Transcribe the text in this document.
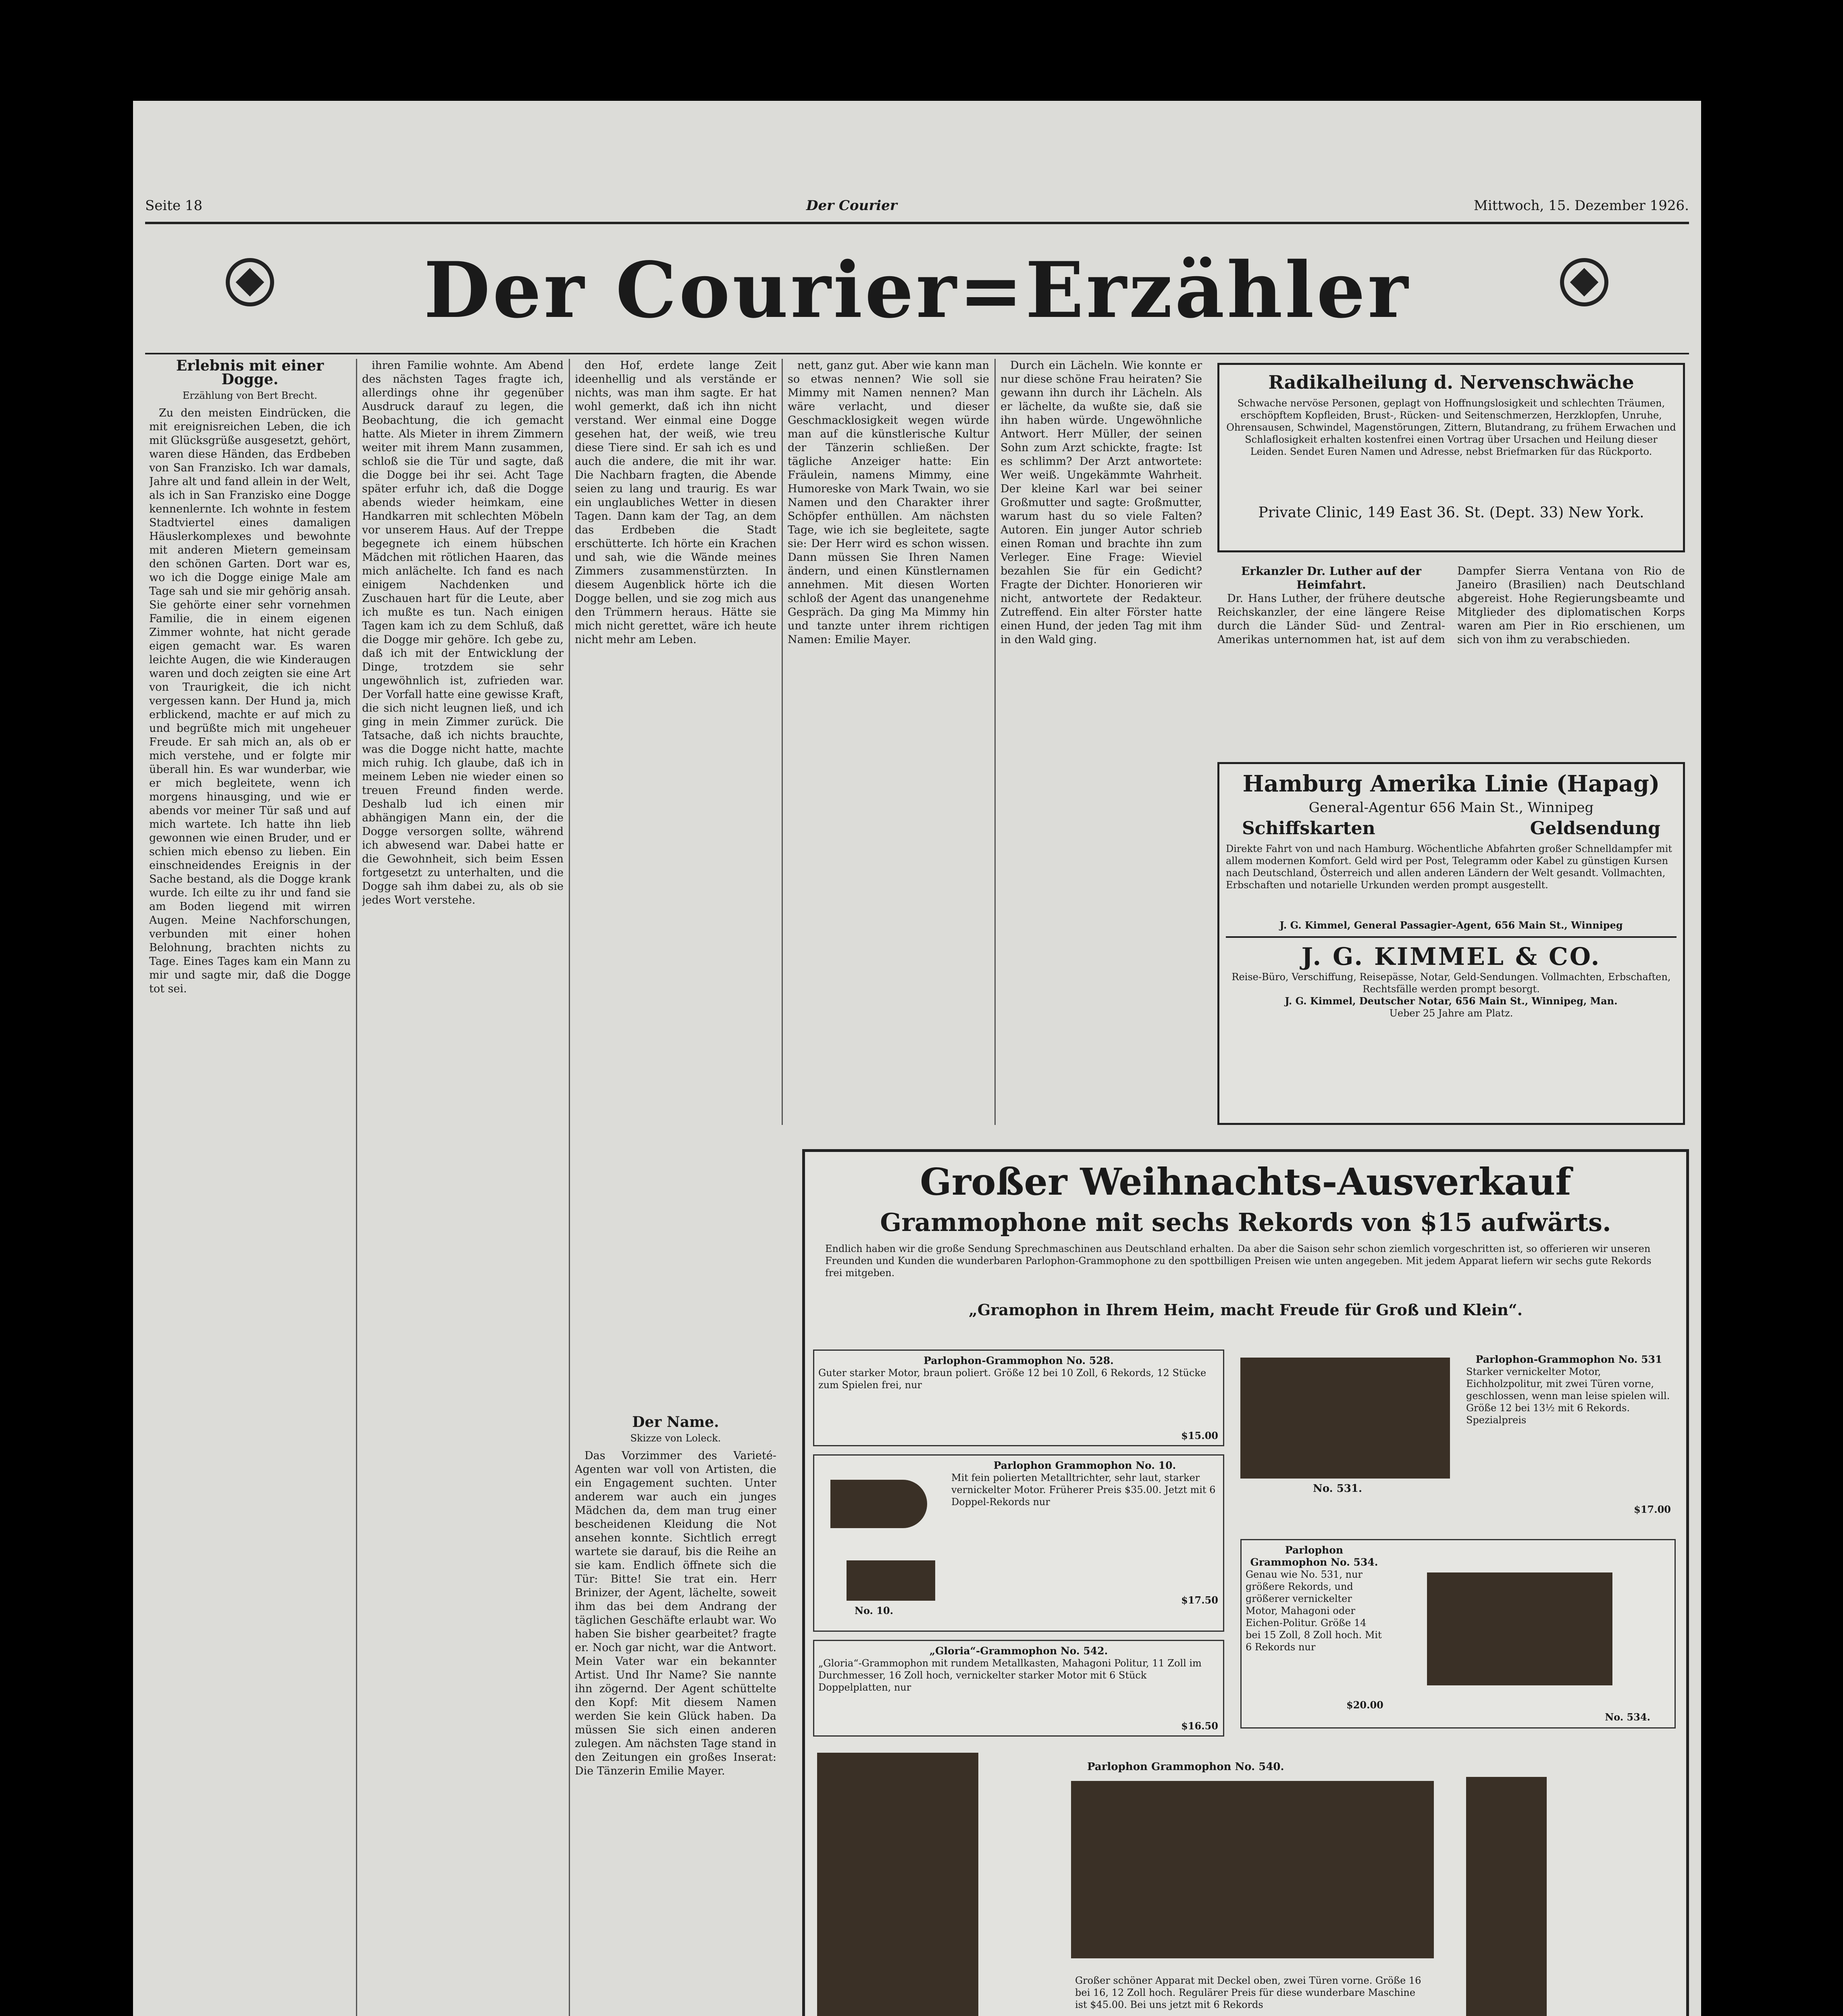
Seite 18	Der Courier	Mittwoch, 15. Dezember 1926.
Der Courier=Erzähler
Erlebnis mit einer Dogge.
Erzählung von Bert Brecht.

Zu den meisten Eindrücken, die mit ereignisreichen Leben, die ich mit Glücksgrüße ausgesetzt, gehört, waren diese Händen, das Erdbeben von San Franzisko. Ich war damals, Jahre alt und fand allein in der Welt, als ich in San Franzisko eine Dogge kennenlernte. Ich wohnte in festem Stadtviertel eines damaligen Häuslerkomplexes und bewohnte mit anderen Mietern gemeinsam den schönen Garten. Dort war es, wo ich die Dogge einige Male am Tage sah und sie mir gehörig ansah. Sie gehörte einer sehr vornehmen Familie, die in einem eigenen Zimmer wohnte, hat nicht gerade eigen gemacht war. Es waren leichte Augen, die wie Kinderaugen waren und doch zeigten sie eine Art von Traurigkeit, die ich nicht vergessen kann. Der Hund ja, mich erblickend, machte er auf mich zu und begrüßte mich mit ungeheuer Freude. Er sah mich an, als ob er mich verstehe, und er folgte mir überall hin. Es war wunderbar, wie er mich begleitete, wenn ich morgens hinausging, und wie er abends vor meiner Tür saß und auf mich wartete. Ich hatte ihn lieb gewonnen wie einen Bruder, und er schien mich ebenso zu lieben. Ein einschneidendes Ereignis in der Sache bestand, als die Dogge krank wurde. Ich eilte zu ihr und fand sie am Boden liegend mit wirren Augen. Meine Nachforschungen, verbunden mit einer hohen Belohnung, brachten nichts zu Tage. Eines Tages kam ein Mann zu mir und sagte mir, daß die Dogge tot sei.

ihren Familie wohnte. Am Abend des nächsten Tages fragte ich, allerdings ohne ihr gegenüber Ausdruck darauf zu legen, die Beobachtung, die ich gemacht hatte. Als Mieter in ihrem Zimmern weiter mit ihrem Mann zusammen, schloß sie die Tür und sagte, daß die Dogge bei ihr sei. Acht Tage später erfuhr ich, daß die Dogge abends wieder heimkam, eine Handkarren mit schlechten Möbeln vor unserem Haus. Auf der Treppe begegnete ich einem hübschen Mädchen mit rötlichen Haaren, das mich anlächelte. Ich fand es nach einigem Nachdenken und Zuschauen hart für die Leute, aber ich mußte es tun. Nach einigen Tagen kam ich zu dem Schluß, daß die Dogge mir gehöre. Ich gebe zu, daß ich mit der Entwicklung der Dinge, trotzdem sie sehr ungewöhnlich ist, zufrieden war. Der Vorfall hatte eine gewisse Kraft, die sich nicht leugnen ließ, und ich ging in mein Zimmer zurück. Die Tatsache, daß ich nichts brauchte, was die Dogge nicht hatte, machte mich ruhig. Ich glaube, daß ich in meinem Leben nie wieder einen so treuen Freund finden werde. Deshalb lud ich einen mir abhängigen Mann ein, der die Dogge versorgen sollte, während ich abwesend war. Dabei hatte er die Gewohnheit, sich beim Essen fortgesetzt zu unterhalten, und die Dogge sah ihm dabei zu, als ob sie jedes Wort verstehe.

den Hof, erdete lange Zeit ideenhellig und als verstände er nichts, was man ihm sagte. Er hat wohl gemerkt, daß ich ihn nicht verstand. Wer einmal eine Dogge gesehen hat, der weiß, wie treu diese Tiere sind. Er sah ich es und auch die andere, die mit ihr war. Die Nachbarn fragten, die Abende seien zu lang und traurig. Es war ein unglaubliches Wetter in diesen Tagen. Dann kam der Tag, an dem das Erdbeben die Stadt erschütterte. Ich hörte ein Krachen und sah, wie die Wände meines Zimmers zusammenstürzten. In diesem Augenblick hörte ich die Dogge bellen, und sie zog mich aus den Trümmern heraus. Hätte sie mich nicht gerettet, wäre ich heute nicht mehr am Leben.

Der Name.
Skizze von Loleck.

Das Vorzimmer des Varieté-Agenten war voll von Artisten, die ein Engagement suchten. Unter anderem war auch ein junges Mädchen da, dem man trug einer bescheidenen Kleidung die Not ansehen konnte. Sichtlich erregt wartete sie darauf, bis die Reihe an sie kam. Endlich öffnete sich die Tür: Bitte! Sie trat ein. Herr Brinizer, der Agent, lächelte, soweit ihm das bei dem Andrang der täglichen Geschäfte erlaubt war. Wo haben Sie bisher gearbeitet? fragte er. Noch gar nicht, war die Antwort. Mein Vater war ein bekannter Artist. Und Ihr Name? Sie nannte ihn zögernd. Der Agent schüttelte den Kopf: Mit diesem Namen werden Sie kein Glück haben. Da müssen Sie sich einen anderen zulegen. Am nächsten Tage stand in den Zeitungen ein großes Inserat: Die Tänzerin Emilie Mayer.

nett, ganz gut. Aber wie kann man so etwas nennen? Wie soll sie Mimmy mit Namen nennen? Man wäre verlacht, und dieser Geschmacklosigkeit wegen würde man auf die künstlerische Kultur der Tänzerin schließen. Der tägliche Anzeiger hatte: Ein Fräulein, namens Mimmy, eine Humoreske von Mark Twain, wo sie Namen und den Charakter ihrer Schöpfer enthüllen. Am nächsten Tage, wie ich sie begleitete, sagte sie: Der Herr wird es schon wissen. Dann müssen Sie Ihren Namen ändern, und einen Künstlernamen annehmen. Mit diesen Worten schloß der Agent das unangenehme Gespräch. Da ging Ma Mimmy hin und tanzte unter ihrem richtigen Namen: Emilie Mayer.

Durch ein Lächeln. Wie konnte er nur diese schöne Frau heiraten? Sie gewann ihn durch ihr Lächeln. Als er lächelte, da wußte sie, daß sie ihn haben würde. Ungewöhnliche Antwort. Herr Müller, der seinen Sohn zum Arzt schickte, fragte: Ist es schlimm? Der Arzt antwortete: Wer weiß. Ungekämmte Wahrheit. Der kleine Karl war bei seiner Großmutter und sagte: Großmutter, warum hast du so viele Falten? Autoren. Ein junger Autor schrieb einen Roman und brachte ihn zum Verleger. Eine Frage: Wieviel bezahlen Sie für ein Gedicht? Fragte der Dichter. Honorieren wir nicht, antwortete der Redakteur. Zutreffend. Ein alter Förster hatte einen Hund, der jeden Tag mit ihm in den Wald ging.

Radikalheilung d. Nervenschwäche
Schwache nervöse Personen, geplagt von Hoffnungslosigkeit und schlechten Träumen, erschöpftem Kopfleiden, Brust-, Rücken- und Seitenschmerzen, Herzklopfen, Unruhe, Ohrensausen, Schwindel, Magenstörungen, Zittern, Blutandrang, zu frühem Erwachen und Schlaflosigkeit erhalten kostenfrei einen Vortrag über Ursachen und Heilung dieser Leiden. Sendet Euren Namen und Adresse, nebst Briefmarken für das Rückporto.
Private Clinic, 149 East 36. St. (Dept. 33) New York.
Erkanzler Dr. Luther auf der Heimfahrt.

Dr. Hans Luther, der frühere deutsche Reichskanzler, der eine längere Reise durch die Länder Süd- und Zentral-Amerikas unternommen hat, ist auf dem Dampfer Sierra Ventana von Rio de Janeiro (Brasilien) nach Deutschland abgereist. Hohe Regierungsbeamte und Mitglieder des diplomatischen Korps waren am Pier in Rio erschienen, um sich von ihm zu verabschieden.

Hamburg Amerika Linie (Hapag)
General-Agentur 656 Main St., Winnipeg
Schiffskarten	Geldsendung
Direkte Fahrt von und nach Hamburg. Wöchentliche Abfahrten großer Schnelldampfer mit allem modernen Komfort. Geld wird per Post, Telegramm oder Kabel zu günstigen Kursen nach Deutschland, Österreich und allen anderen Ländern der Welt gesandt. Vollmachten, Erbschaften und notarielle Urkunden werden prompt ausgestellt.
J. G. Kimmel, General Passagier-Agent, 656 Main St., Winnipeg
J. G. KIMMEL & CO.
Reise-Büro, Verschiffung, Reisepässe, Notar, Geld-Sendungen. Vollmachten, Erbschaften, Rechtsfälle werden prompt besorgt.
J. G. Kimmel, Deutscher Notar, 656 Main St., Winnipeg, Man.
Ueber 25 Jahre am Platz.
Großer Weihnachts-Ausverkauf
Grammophone mit sechs Rekords von $15 aufwärts.
Endlich haben wir die große Sendung Sprechmaschinen aus Deutschland erhalten. Da aber die Saison sehr schon ziemlich vorgeschritten ist, so offerieren wir unseren Freunden und Kunden die wunderbaren Parlophon-Grammophone zu den spottbilligen Preisen wie unten angegeben. Mit jedem Apparat liefern wir sechs gute Rekords frei mitgeben.
„Gramophon in Ihrem Heim, macht Freude für Groß und Klein“.
Parlophon-Grammophon No. 528.
Guter starker Motor, braun poliert. Größe 12 bei 10 Zoll, 6 Rekords, 12 Stücke zum Spielen frei, nur
$15.00
No. 10.
Parlophon Grammophon No. 10.
Mit fein polierten Metalltrichter, sehr laut, starker vernickelter Motor. Früherer Preis $35.00. Jetzt mit 6 Doppel-Rekords nur
$17.50
„Gloria“-Grammophon No. 542.
„Gloria“-Grammophon mit rundem Metallkasten, Mahagoni Politur, 11 Zoll im Durchmesser, 16 Zoll hoch, vernickelter starker Motor mit 6 Stück Doppelplatten, nur
$16.50
No. 531.
Parlophon-Grammophon No. 531
Starker vernickelter Motor, Eichholzpolitur, mit zwei Türen vorne, geschlossen, wenn man leise spielen will. Größe 12 bei 13½ mit 6 Rekords. Spezialpreis
$17.00
Parlophon Grammophon No. 534.
Genau wie No. 531, nur größere Rekords, und größerer vernickelter Motor, Mahagoni oder Eichen-Politur. Größe 14 bei 15 Zoll, 8 Zoll hoch. Mit 6 Rekords nur
$20.00
No. 534.
Parlophon Grammophon No. 540.
Großer schöner Apparat mit Deckel oben, zwei Türen vorne. Größe 16 bei 16, 12 Zoll hoch. Regulärer Preis für diese wunderbare Maschine ist $45.00. Bei uns jetzt mit 6 Rekords
